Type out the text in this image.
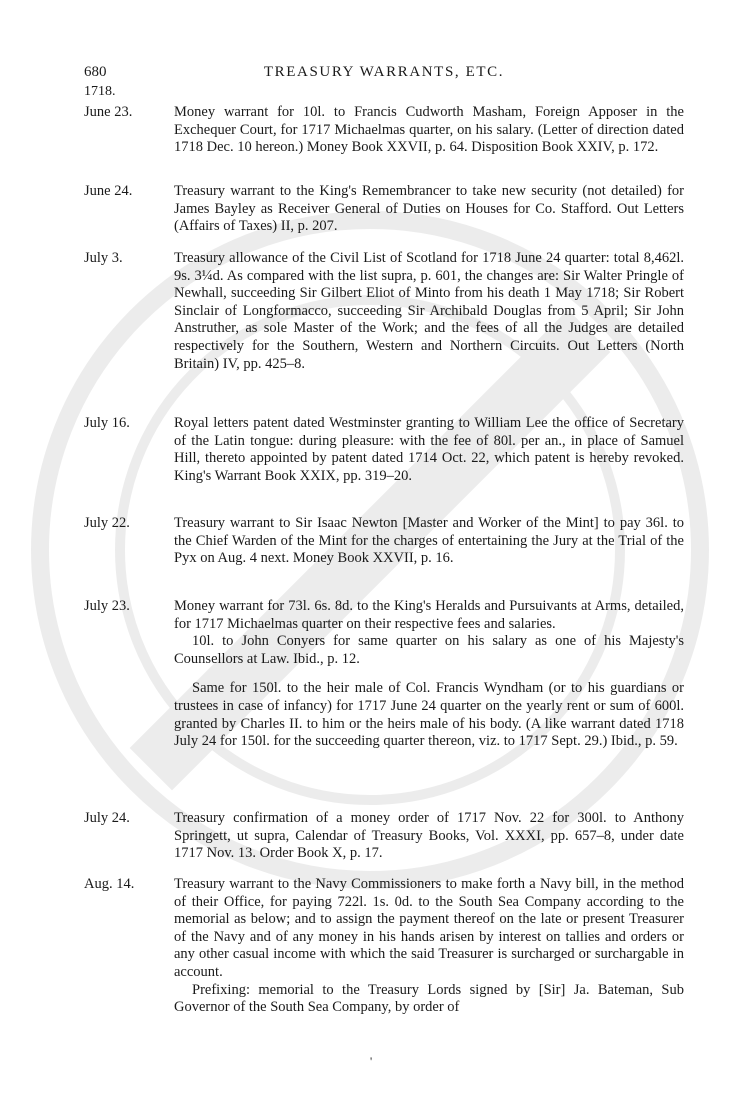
680	TREASURY WARRANTS, ETC.
1718.
June 23.	Money warrant for 10l. to Francis Cudworth Masham, Foreign Apposer in the Exchequer Court, for 1717 Michaelmas quarter, on his salary. (Letter of direction dated 1718 Dec. 10 hereon.) Money Book XXVII, p. 64. Disposition Book XXIV, p. 172.

June 24.	Treasury warrant to the King's Remembrancer to take new security (not detailed) for James Bayley as Receiver General of Duties on Houses for Co. Stafford. Out Letters (Affairs of Taxes) II, p. 207.

July 3.	Treasury allowance of the Civil List of Scotland for 1718 June 24 quarter: total 8,462l. 9s. 3¼d. As compared with the list supra, p. 601, the changes are: Sir Walter Pringle of Newhall, succeeding Sir Gilbert Eliot of Minto from his death 1 May 1718; Sir Robert Sinclair of Longformacco, succeeding Sir Archibald Douglas from 5 April; Sir John Anstruther, as sole Master of the Work; and the fees of all the Judges are detailed respectively for the Southern, Western and Northern Circuits. Out Letters (North Britain) IV, pp. 425–8.

July 16.	Royal letters patent dated Westminster granting to William Lee the office of Secretary of the Latin tongue: during pleasure: with the fee of 80l. per an., in place of Samuel Hill, thereto appointed by patent dated 1714 Oct. 22, which patent is hereby revoked. King's Warrant Book XXIX, pp. 319–20.

July 22.	Treasury warrant to Sir Isaac Newton [Master and Worker of the Mint] to pay 36l. to the Chief Warden of the Mint for the charges of entertaining the Jury at the Trial of the Pyx on Aug. 4 next. Money Book XXVII, p. 16.

July 23.	Money warrant for 73l. 6s. 8d. to the King's Heralds and Pursuivants at Arms, detailed, for 1717 Michaelmas quarter on their respective fees and salaries.

10l. to John Conyers for same quarter on his salary as one of his Majesty's Counsellors at Law. Ibid., p. 12.

Same for 150l. to the heir male of Col. Francis Wyndham (or to his guardians or trustees in case of infancy) for 1717 June 24 quarter on the yearly rent or sum of 600l. granted by Charles II. to him or the heirs male of his body. (A like warrant dated 1718 July 24 for 150l. for the succeeding quarter thereon, viz. to 1717 Sept. 29.) Ibid., p. 59.

July 24.	Treasury confirmation of a money order of 1717 Nov. 22 for 300l. to Anthony Springett, ut supra, Calendar of Treasury Books, Vol. XXXI, pp. 657–8, under date 1717 Nov. 13. Order Book X, p. 17.

Aug. 14.	Treasury warrant to the Navy Commissioners to make forth a Navy bill, in the method of their Office, for paying 722l. 1s. 0d. to the South Sea Company according to the memorial as below; and to assign the payment thereof on the late or present Treasurer of the Navy and of any money in his hands arisen by interest on tallies and orders or any other casual income with which the said Treasurer is surcharged or surchargable in account.

Prefixing: memorial to the Treasury Lords signed by [Sir] Ja. Bateman, Sub Governor of the South Sea Company, by order of

'
